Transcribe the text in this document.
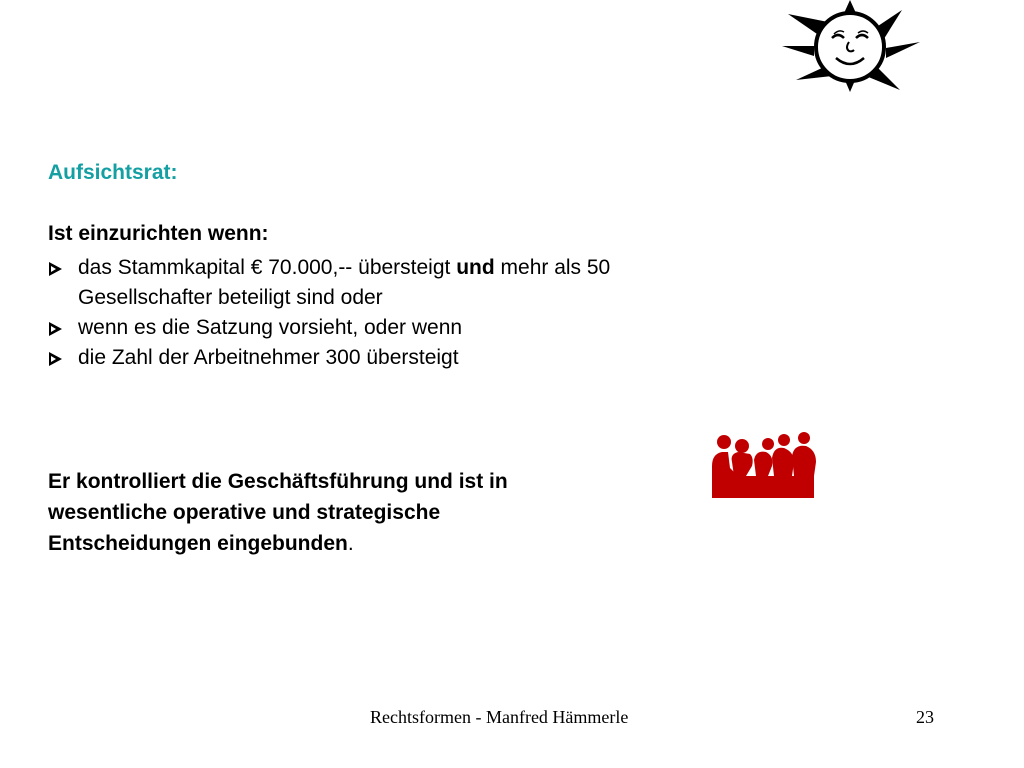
Aufsichtsrat:

Ist einzurichten wenn:

das Stammkapital € 70.000,-- übersteigt und mehr als 50
Gesellschafter beteiligt sind oder
wenn es die Satzung vorsieht, oder wenn
die Zahl der Arbeitnehmer 300 übersteigt

Er kontrolliert die Geschäftsführung und ist in
wesentliche operative und strategische
Entscheidungen eingebunden.

Rechtsformen - Manfred Hämmerle	23
